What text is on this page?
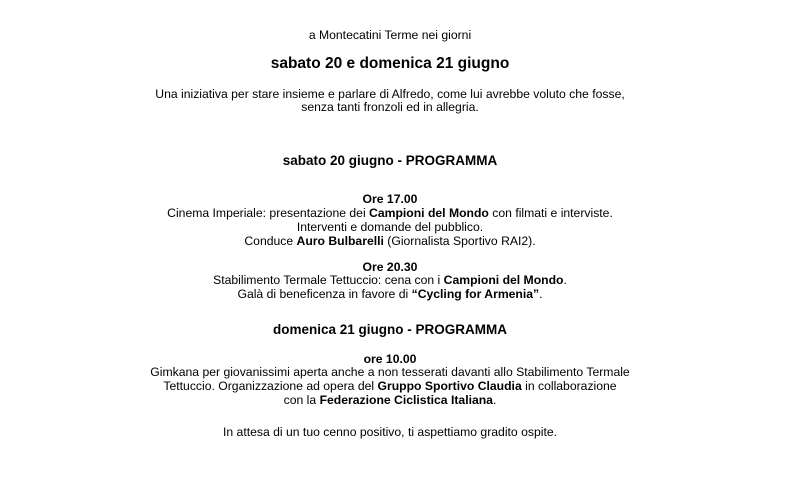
a Montecatini Terme nei giorni
sabato 20 e domenica 21 giugno
Una iniziativa per stare insieme e parlare di Alfredo, come lui avrebbe voluto che fosse,
senza tanti fronzoli ed in allegria.
sabato 20 giugno - PROGRAMMA
Ore 17.00
Cinema Imperiale: presentazione dei Campioni del Mondo con filmati e interviste.
Interventi e domande del pubblico.
Conduce Auro Bulbarelli (Giornalista Sportivo RAI2).
Ore 20.30
Stabilimento Termale Tettuccio: cena con i Campioni del Mondo.
Galà di beneficenza in favore di “Cycling for Armenia”.
domenica 21 giugno - PROGRAMMA
ore 10.00
Gimkana per giovanissimi aperta anche a non tesserati davanti allo Stabilimento Termale
Tettuccio. Organizzazione ad opera del Gruppo Sportivo Claudia in collaborazione
con la Federazione Ciclistica Italiana.
In attesa di un tuo cenno positivo, ti aspettiamo gradito ospite.
